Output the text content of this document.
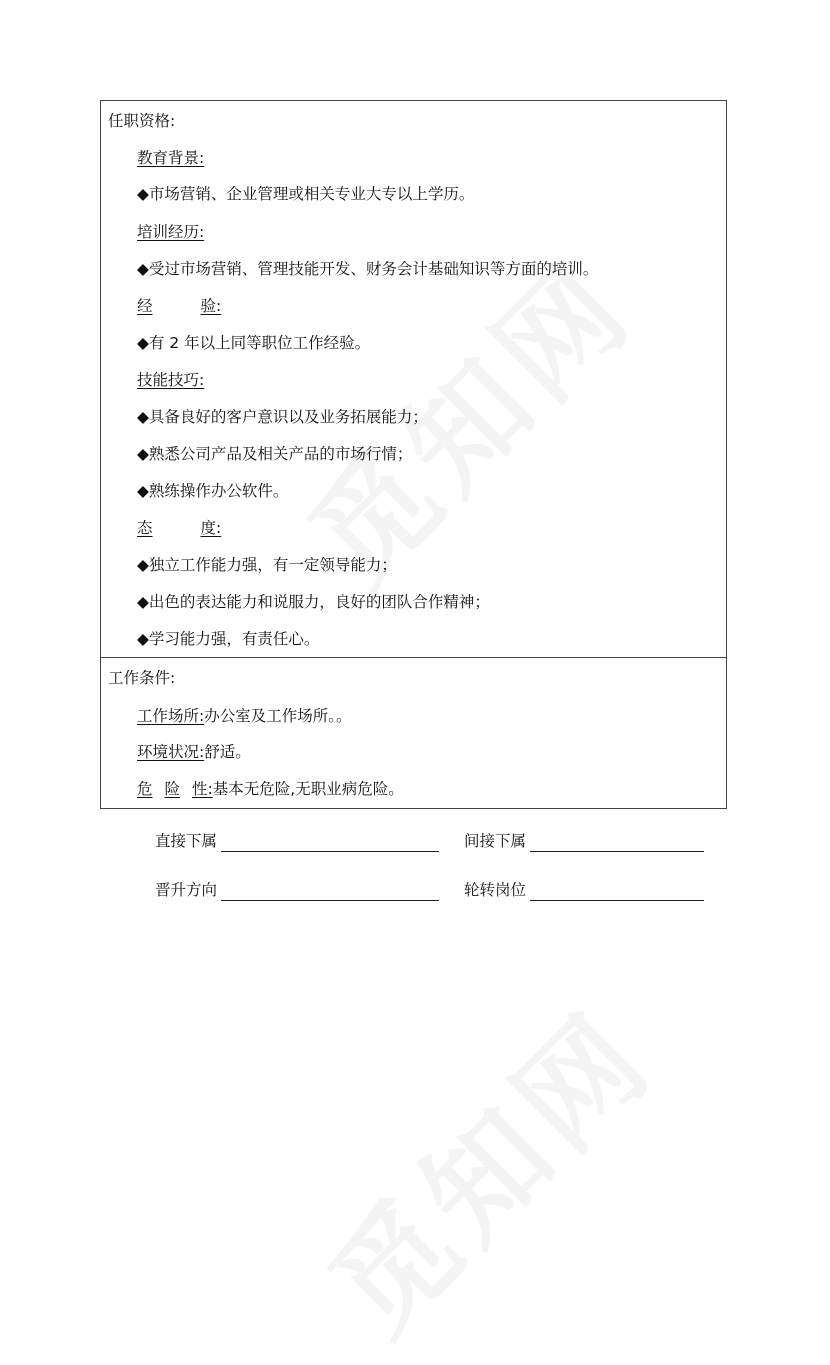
任职资格:
教育背景:
◆市场营销、企业管理或相关专业大专以上学历。
培训经历:
◆受过市场营销、管理技能开发、财务会计基础知识等方面的培训。
经	验:
◆有 2 年以上同等职位工作经验。
技能技巧:
◆具备良好的客户意识以及业务拓展能力；
◆熟悉公司产品及相关产品的市场行情；
◆熟练操作办公软件。
态	度:
◆独立工作能力强，有一定领导能力；
◆出色的表达能力和说服力，良好的团队合作精神；
◆学习能力强，有责任心。
工作条件:
工作场所:办公室及工作场所。。
环境状况:舒适。
危 险 性:基本无危险,无职业病危险。
直接下属	间接下属
晋升方向	轮转岗位
